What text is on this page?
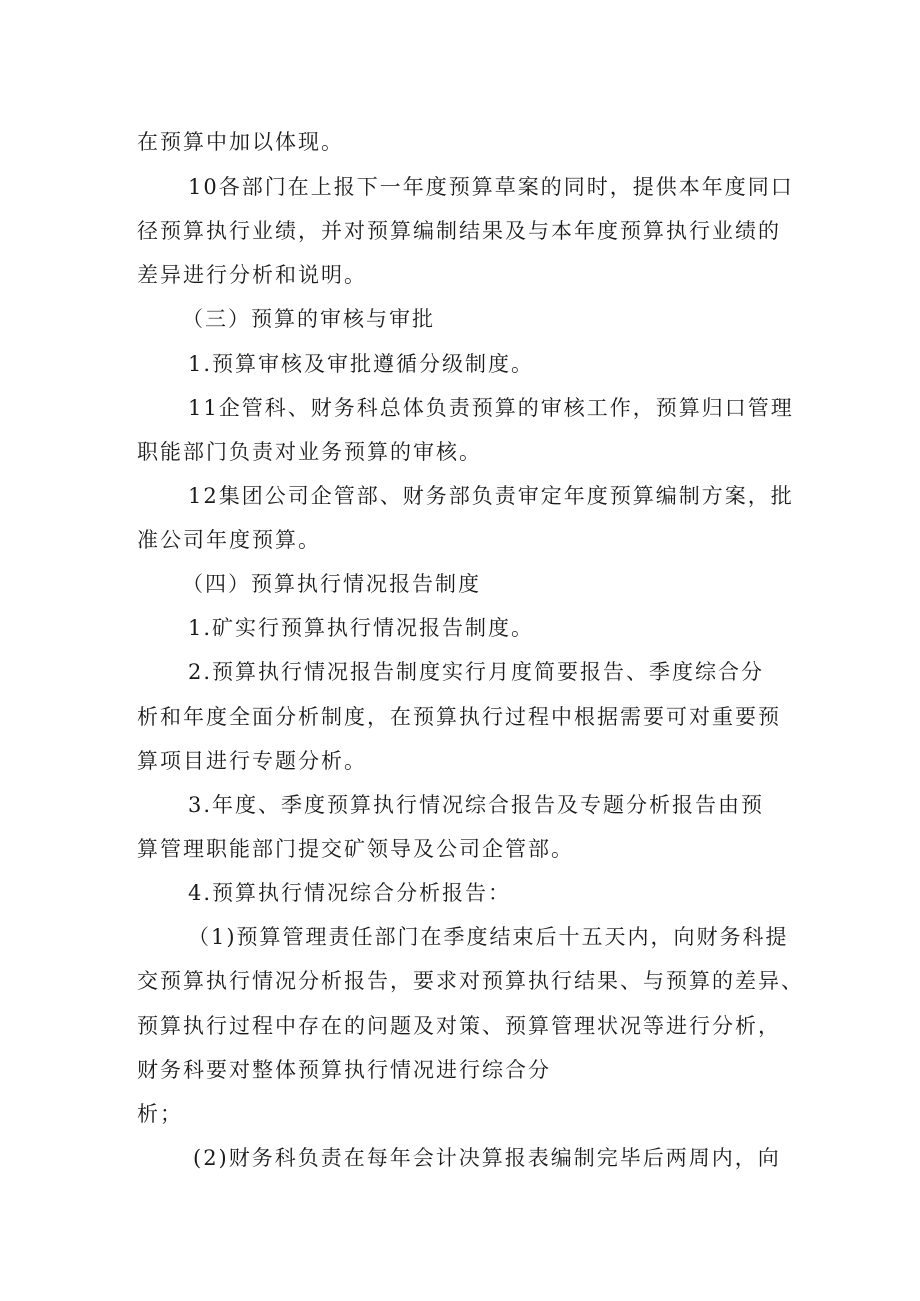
在预算中加以体现。
10各部门在上报下一年度预算草案的同时，提供本年度同口
径预算执行业绩，并对预算编制结果及与本年度预算执行业绩的
差异进行分析和说明。
（三）预算的审核与审批
1.预算审核及审批遵循分级制度。
11企管科、财务科总体负责预算的审核工作，预算归口管理
职能部门负责对业务预算的审核。
12集团公司企管部、财务部负责审定年度预算编制方案，批
准公司年度预算。
（四）预算执行情况报告制度
1.矿实行预算执行情况报告制度。
2.预算执行情况报告制度实行月度简要报告、季度综合分
析和年度全面分析制度，在预算执行过程中根据需要可对重要预
算项目进行专题分析。
3.年度、季度预算执行情况综合报告及专题分析报告由预
算管理职能部门提交矿领导及公司企管部。
4.预算执行情况综合分析报告：
（1)预算管理责任部门在季度结束后十五天内，向财务科提
交预算执行情况分析报告，要求对预算执行结果、与预算的差异、
预算执行过程中存在的问题及对策、预算管理状况等进行分析，
财务科要对整体预算执行情况进行综合分
析；
(2)财务科负责在每年会计决算报表编制完毕后两周内，向
